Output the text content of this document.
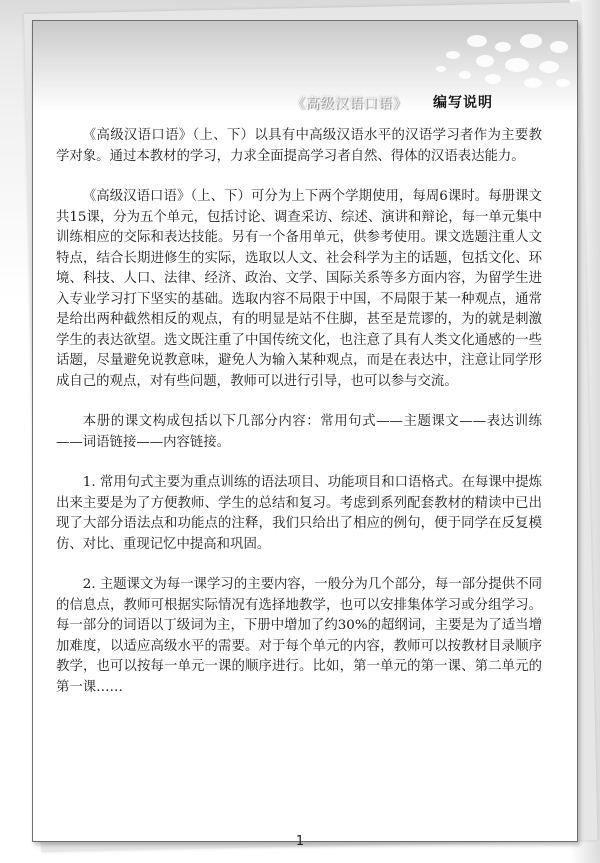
《高级汉语口语》 编写说明

《高级汉语口语》（上、下）以具有中高级汉语水平的汉语学习者作为主要教学对象。通过本教材的学习，力求全面提高学习者自然、得体的汉语表达能力。

《高级汉语口语》（上、下）可分为上下两个学期使用，每周6课时。每册课文共15课，分为五个单元，包括讨论、调查采访、综述、演讲和辩论，每一单元集中训练相应的交际和表达技能。另有一个备用单元，供参考使用。课文选题注重人文特点，结合长期进修生的实际，选取以人文、社会科学为主的话题，包括文化、环境、科技、人口、法律、经济、政治、文学、国际关系等多方面内容，为留学生进入专业学习打下坚实的基础。选取内容不局限于中国，不局限于某一种观点，通常是给出两种截然相反的观点，有的明显是站不住脚，甚至是荒谬的，为的就是刺激学生的表达欲望。选文既注重了中国传统文化，也注意了具有人类文化通感的一些话题，尽量避免说教意味，避免人为输入某种观点，而是在表达中，注意让同学形成自己的观点，对有些问题，教师可以进行引导，也可以参与交流。

本册的课文构成包括以下几部分内容：常用句式——主题课文——表达训练——词语链接——内容链接。

1. 常用句式主要为重点训练的语法项目、功能项目和口语格式。在每课中提炼出来主要是为了方便教师、学生的总结和复习。考虑到系列配套教材的精读中已出现了大部分语法点和功能点的注释，我们只给出了相应的例句，便于同学在反复模仿、对比、重现记忆中提高和巩固。

2. 主题课文为每一课学习的主要内容，一般分为几个部分，每一部分提供不同的信息点，教师可根据实际情况有选择地教学，也可以安排集体学习或分组学习。每一部分的词语以丁级词为主，下册中增加了约30%的超纲词，主要是为了适当增加难度，以适应高级水平的需要。对于每个单元的内容，教师可以按教材目录顺序教学，也可以按每一单元一课的顺序进行。比如，第一单元的第一课、第二单元的第一课……

1
